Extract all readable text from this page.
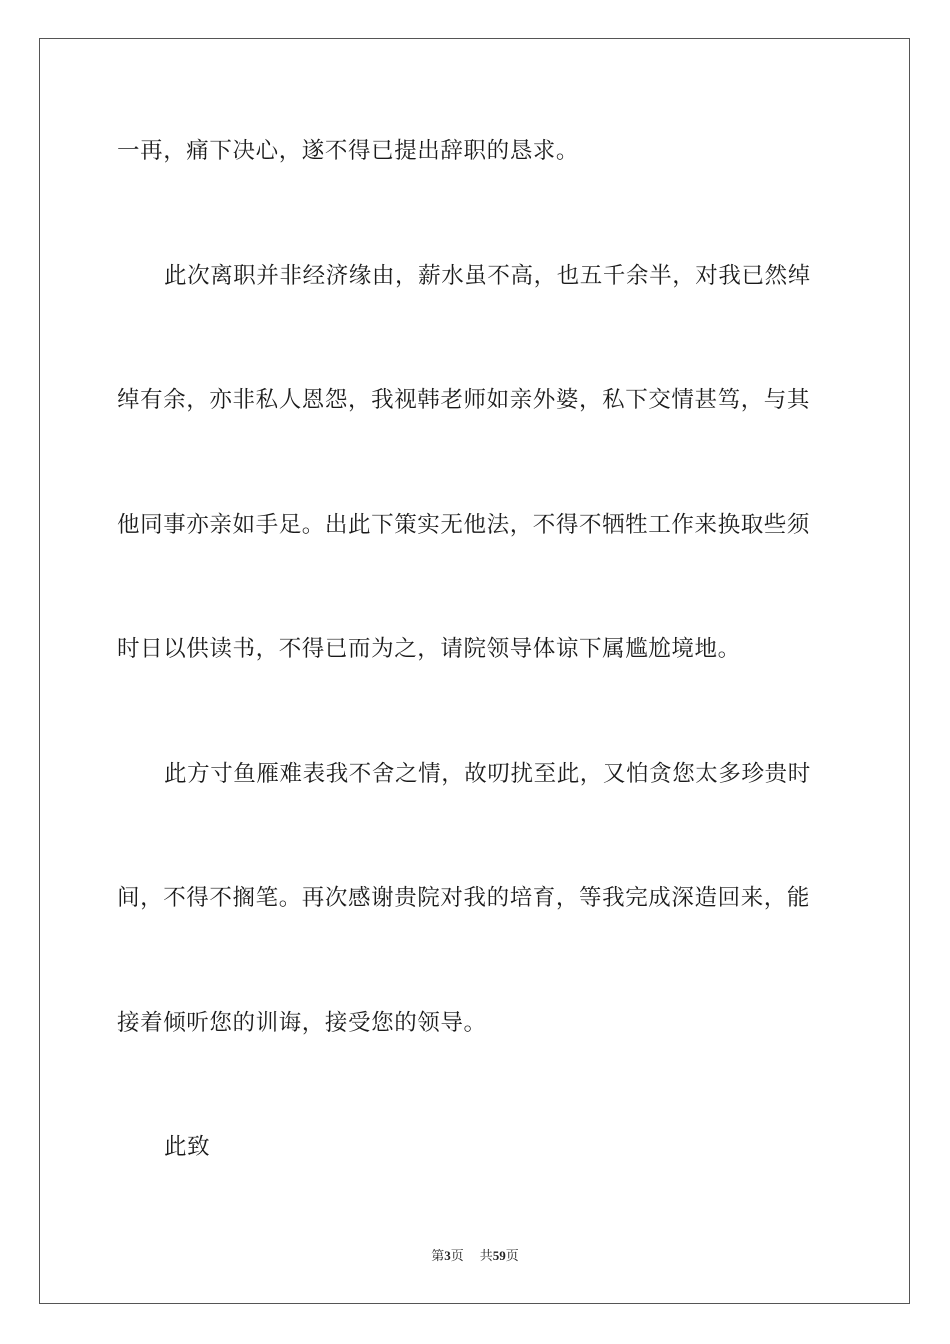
一再，痛下决心，遂不得已提出辞职的恳求。
此次离职并非经济缘由，薪水虽不高，也五千余半，对我已然绰
绰有余，亦非私人恩怨，我视韩老师如亲外婆，私下交情甚笃，与其
他同事亦亲如手足。出此下策实无他法，不得不牺牲工作来换取些须
时日以供读书，不得已而为之，请院领导体谅下属尴尬境地。
此方寸鱼雁难表我不舍之情，故叨扰至此，又怕贪您太多珍贵时
间，不得不搁笔。再次感谢贵院对我的培育，等我完成深造回来，能
接着倾听您的训诲，接受您的领导。
此致
第3页 共59页
